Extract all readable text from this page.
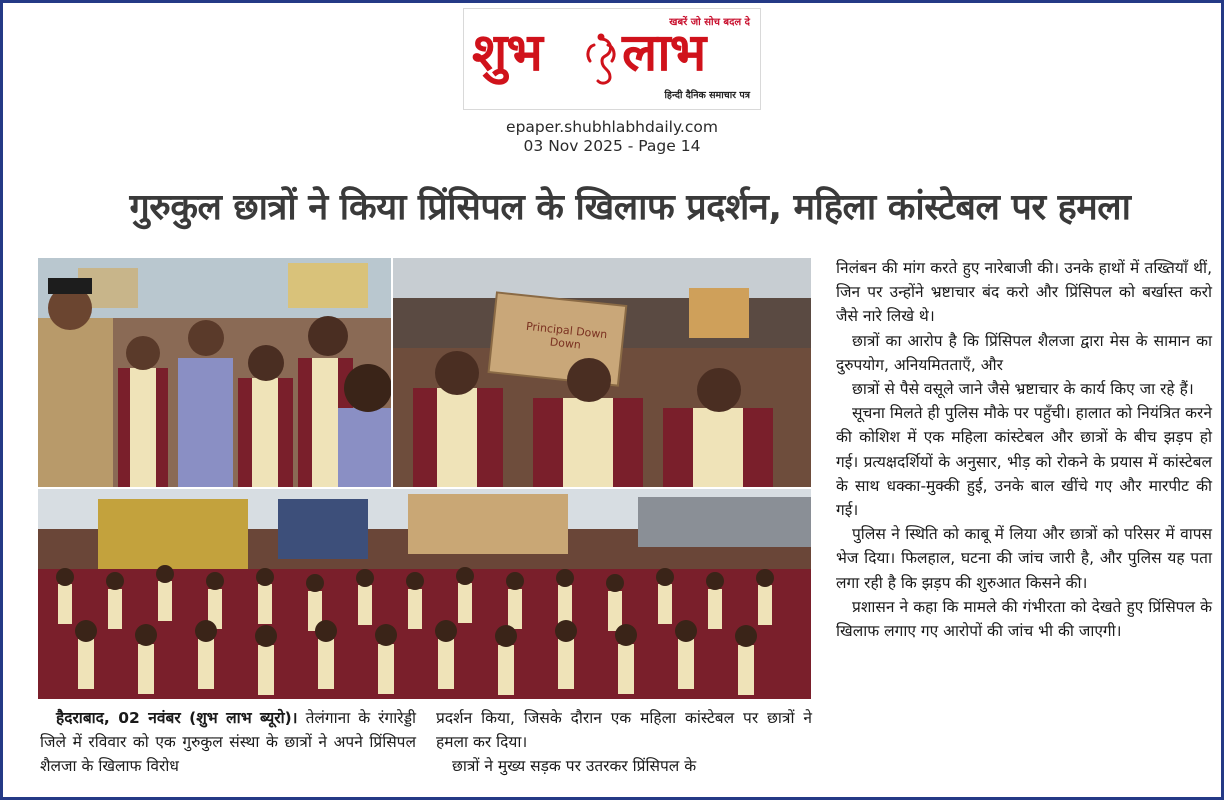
खबरें जो सोच बदल दे
शुभ लाभ
हिन्दी दैनिक समाचार पत्र
epaper.shubhlabhdaily.com
03 Nov 2025 - Page 14
गुरुकुल छात्रों ने किया प्रिंसिपल के खिलाफ प्रदर्शन, महिला कांस्टेबल पर हमला
Principal Down Down

हैदराबाद, 02 नवंबर (शुभ लाभ ब्यूरो)। तेलंगाना के रंगारेड्डी जिले में रविवार को एक गुरुकुल संस्था के छात्रों ने अपने प्रिंसिपल शैलजा के खिलाफ विरोध

प्रदर्शन किया, जिसके दौरान एक महिला कांस्टेबल पर छात्रों ने हमला कर दिया।

छात्रों ने मुख्य सड़क पर उतरकर प्रिंसिपल के

निलंबन की मांग करते हुए नारेबाजी की। उनके हाथों में तख्तियाँ थीं, जिन पर उन्होंने भ्रष्टाचार बंद करो और प्रिंसिपल को बर्खास्त करो जैसे नारे लिखे थे।

छात्रों का आरोप है कि प्रिंसिपल शैलजा द्वारा मेस के सामान का दुरुपयोग, अनियमितताएँ, और

छात्रों से पैसे वसूले जाने जैसे भ्रष्टाचार के कार्य किए जा रहे हैं।

सूचना मिलते ही पुलिस मौके पर पहुँची। हालात को नियंत्रित करने की कोशिश में एक महिला कांस्टेबल और छात्रों के बीच झड़प हो गई। प्रत्यक्षदर्शियों के अनुसार, भीड़ को रोकने के प्रयास में कांस्टेबल के साथ धक्का-मुक्की हुई, उनके बाल खींचे गए और मारपीट की गई।

पुलिस ने स्थिति को काबू में लिया और छात्रों को परिसर में वापस भेज दिया। फिलहाल, घटना की जांच जारी है, और पुलिस यह पता लगा रही है कि झड़प की शुरुआत किसने की।

प्रशासन ने कहा कि मामले की गंभीरता को देखते हुए प्रिंसिपल के खिलाफ लगाए गए आरोपों की जांच भी की जाएगी।
